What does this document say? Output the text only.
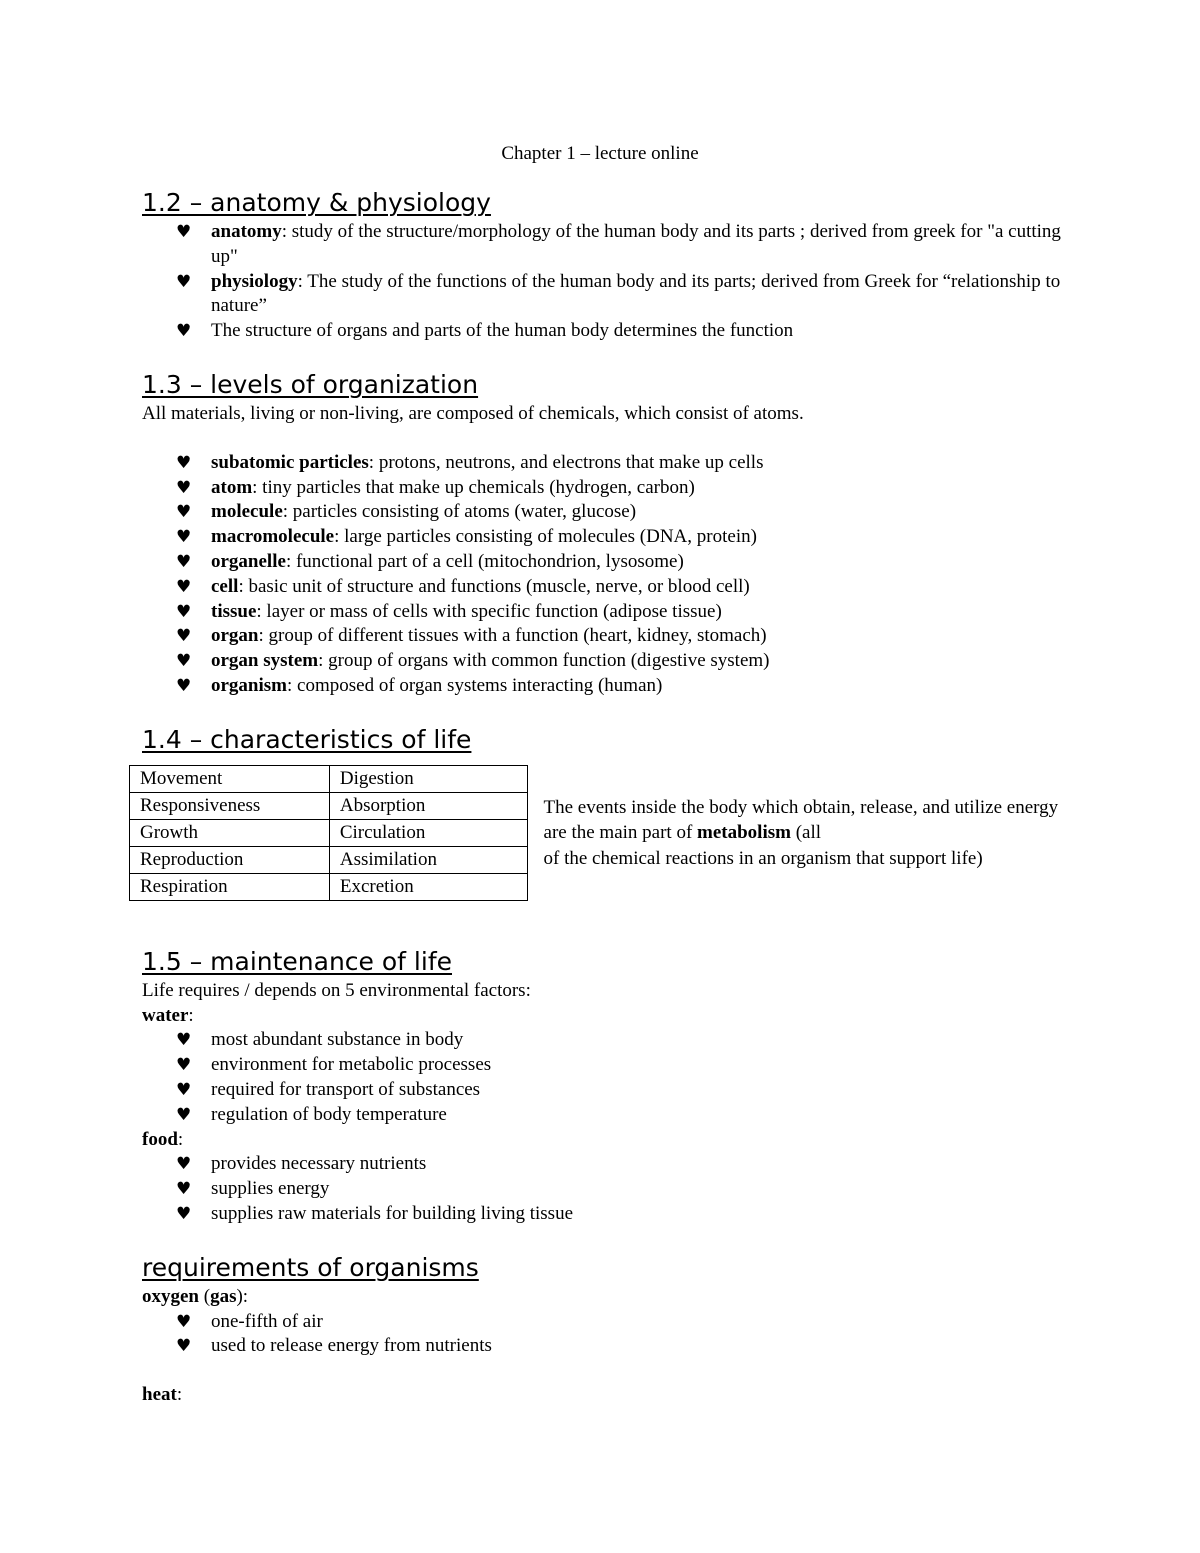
Chapter 1 – lecture online
1.2 – anatomy & physiology
♥ anatomy: study of the structure/morphology of the human body and its parts ; derived from greek for "a cutting up"
♥ physiology: The study of the functions of the human body and its parts; derived from Greek for “relationship to nature”
♥ The structure of organs and parts of the human body determines the function
1.3 – levels of organization

All materials, living or non-living, are composed of chemicals, which consist of atoms.

♥ subatomic particles: protons, neutrons, and electrons that make up cells
♥ atom: tiny particles that make up chemicals (hydrogen, carbon)
♥ molecule: particles consisting of atoms (water, glucose)
♥ macromolecule: large particles consisting of molecules (DNA, protein)
♥ organelle: functional part of a cell (mitochondrion, lysosome)
♥ cell: basic unit of structure and functions (muscle, nerve, or blood cell)
♥ tissue: layer or mass of cells with specific function (adipose tissue)
♥ organ: group of different tissues with a function (heart, kidney, stomach)
♥ organ system: group of organs with common function (digestive system)
♥ organism: composed of organ systems interacting (human)
1.4 – characteristics of life
Movement	Digestion
Responsiveness	Absorption
Growth	Circulation
Reproduction	Assimilation
Respiration	Excretion
The events inside the body which obtain, release, and utilize energy are the main part of metabolism (all
of the chemical reactions in an organism that support life)
1.5 – maintenance of life

Life requires / depends on 5 environmental factors:

water:

♥ most abundant substance in body
♥ environment for metabolic processes
♥ required for transport of substances
♥ regulation of body temperature

food:

♥ provides necessary nutrients
♥ supplies energy
♥ supplies raw materials for building living tissue
requirements of organisms

oxygen (gas):

♥ one-fifth of air
♥ used to release energy from nutrients

heat:
